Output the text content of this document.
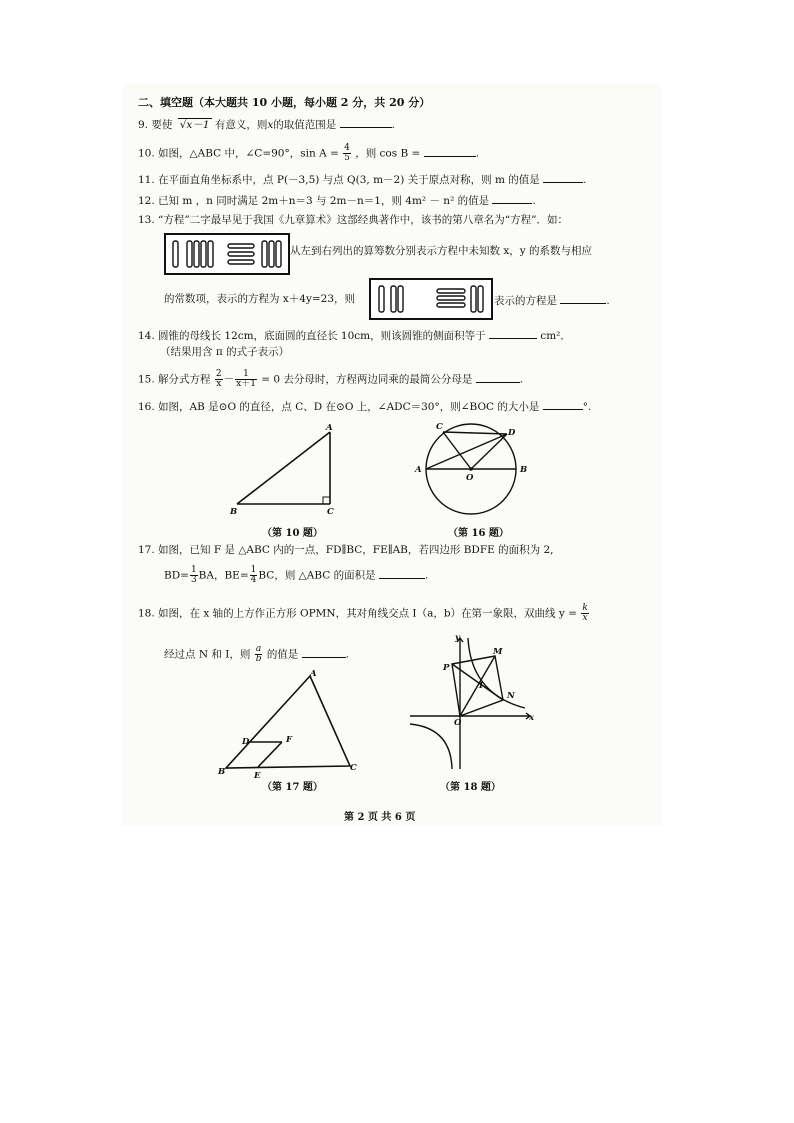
二、填空题（本大题共 10 小题，每小题 2 分，共 20 分）
9. 要使 √x－1 有意义，则x的取值范围是	.
10. 如图，△ABC 中，∠C=90°，$\sin A = \frac{4}{5}$ ，则 cos B =	.
11. 在平面直角坐标系中，点 P(－3,5) 与点 Q(3, m－2) 关于原点对称，则 m 的值是	.
12. 已知 m ，n 同时满足 2m＋n＝3 与 2m－n＝1，则 4m² － n² 的值是	.
13. “方程”二字最早见于我国《九章算术》这部经典著作中，该书的第八章名为“方程”．如：
从左到右列出的算筹数分别表示方程中未知数 x，y 的系数与相应
的常数项，表示的方程为 x＋4y=23，则	表示的方程是	.
14. 圆锥的母线长 12cm，底面圆的直径长 10cm，则该圆锥的侧面积等于	cm²．
（结果用含 π 的式子表示）
15. 解分式方程 $\frac{2}{x} - \frac{1}{x+1} = 0$ 去分母时，方程两边同乘的最简公分母是	.
16. 如图，AB 是⊙O 的直径，点 C、D 在⊙O 上，∠ADC＝30°，则∠BOC 的大小是	°.
A
B	C
（第 10 题）
C
D
A	B
O
（第 16 题）
17. 如图，已知 F 是 △ABC 内的一点，FD∥BC，FE∥AB，若四边形 BDFE 的面积为 2,
$BD= \frac{1}{3}$ BA，$BE= \frac{1}{4}$ BC，则 △ABC 的面积是	.
18. 如图，在 x 轴的上方作正方形 OPMN，其对角线交点 I（a，b）在第一象限，双曲线 $y = \frac{k}{x}$
经过点 N 和 I，则 $\frac{a}{b}$ 的值是	.
A
B	C
D	F
E
（第 17 题）
y
x
O
P
M
N
I
（第 18 题）
第 2 页 共 6 页
